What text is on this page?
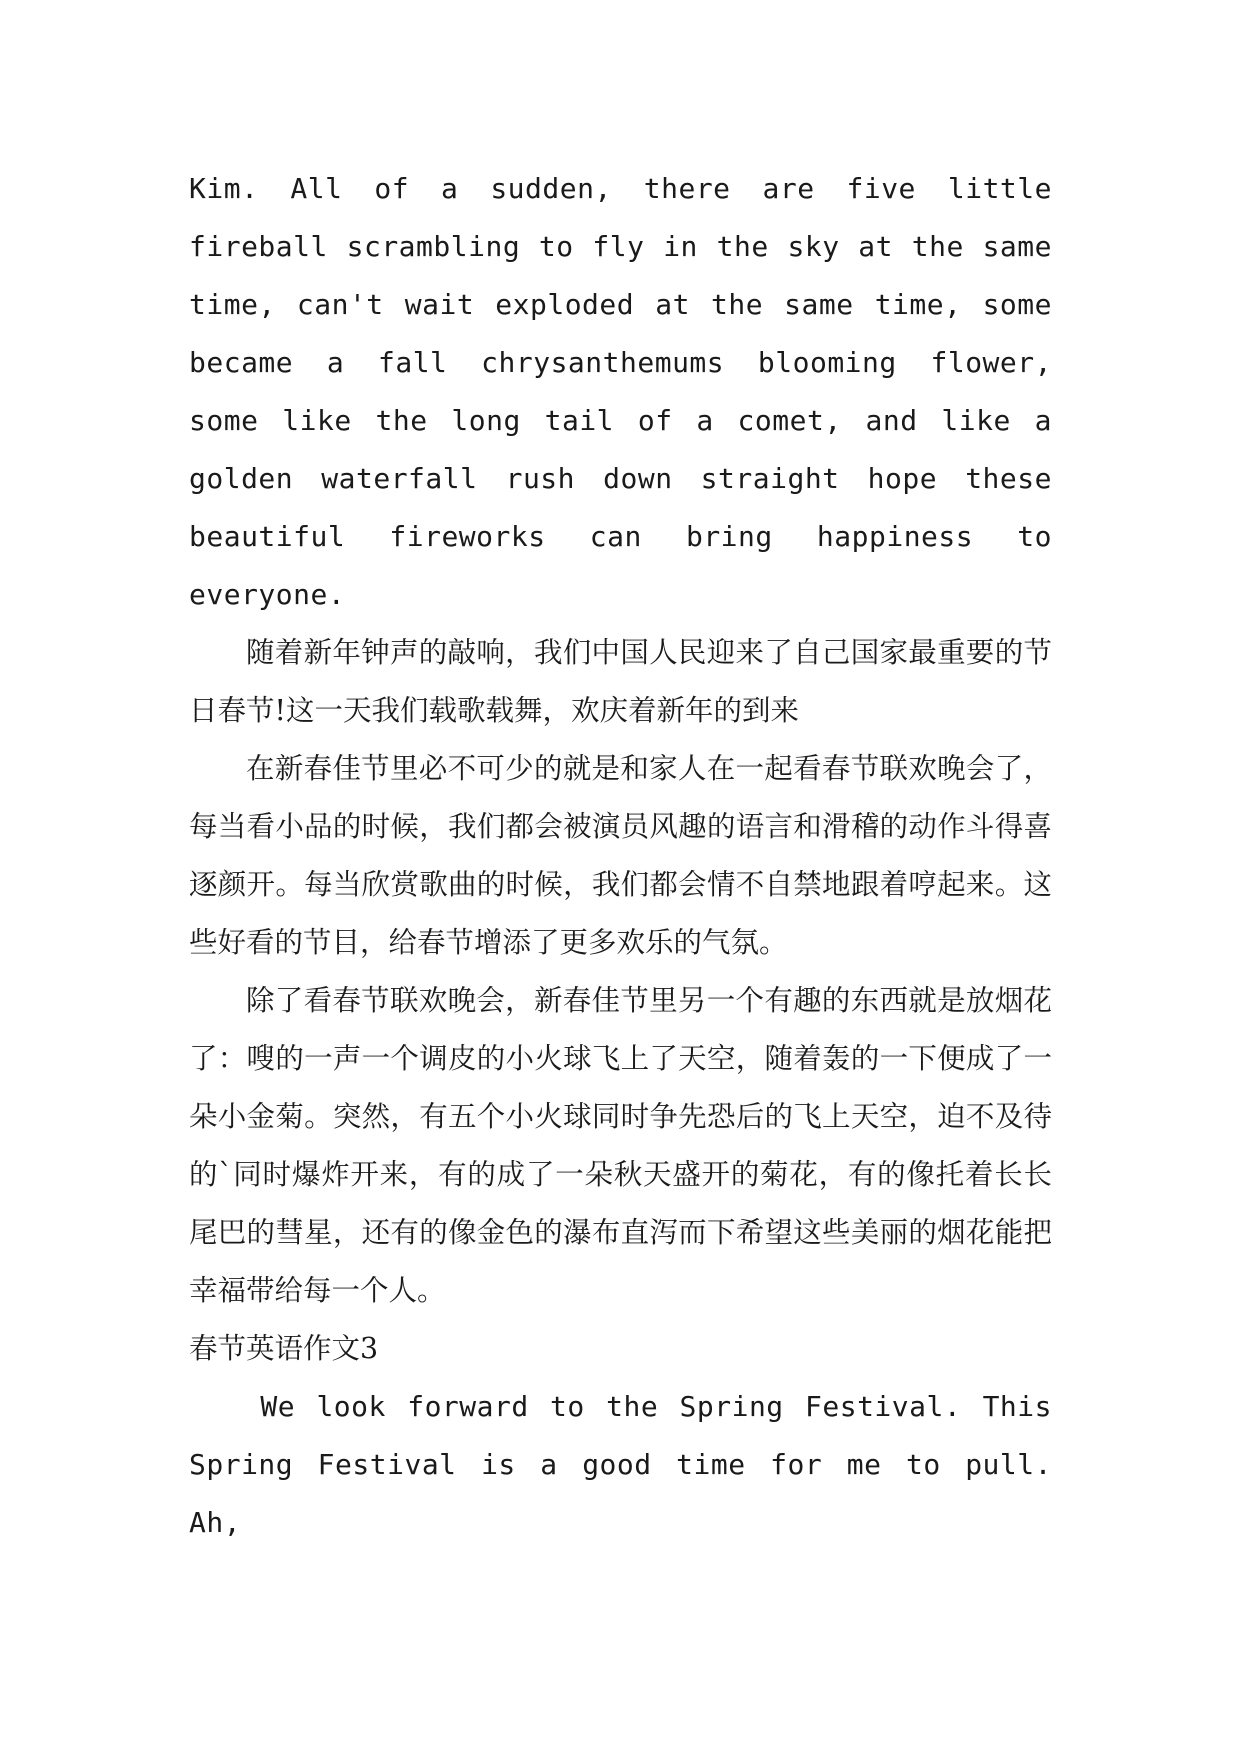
Kim. All of a sudden, there are five little fireball scrambling to fly in the sky at the same time, can't wait exploded at the same time, some became a fall chrysanthemums blooming flower, some like the long tail of a comet, and like a golden waterfall rush down straight hope these beautiful fireworks can bring happiness to everyone.

随着新年钟声的敲响，我们中国人民迎来了自己国家最重要的节日春节!这一天我们载歌载舞，欢庆着新年的到来

在新春佳节里必不可少的就是和家人在一起看春节联欢晚会了，每当看小品的时候，我们都会被演员风趣的语言和滑稽的动作斗得喜逐颜开。每当欣赏歌曲的时候，我们都会情不自禁地跟着哼起来。这些好看的节目，给春节增添了更多欢乐的气氛。

除了看春节联欢晚会，新春佳节里另一个有趣的东西就是放烟花了：嗖的一声一个调皮的小火球飞上了天空，随着轰的一下便成了一朵小金菊。突然，有五个小火球同时争先恐后的飞上天空，迫不及待的`同时爆炸开来，有的成了一朵秋天盛开的菊花，有的像托着长长尾巴的彗星，还有的像金色的瀑布直泻而下希望这些美丽的烟花能把幸福带给每一个人。

春节英语作文3

We look forward to the Spring Festival. This Spring Festival is a good time for me to pull. Ah,
